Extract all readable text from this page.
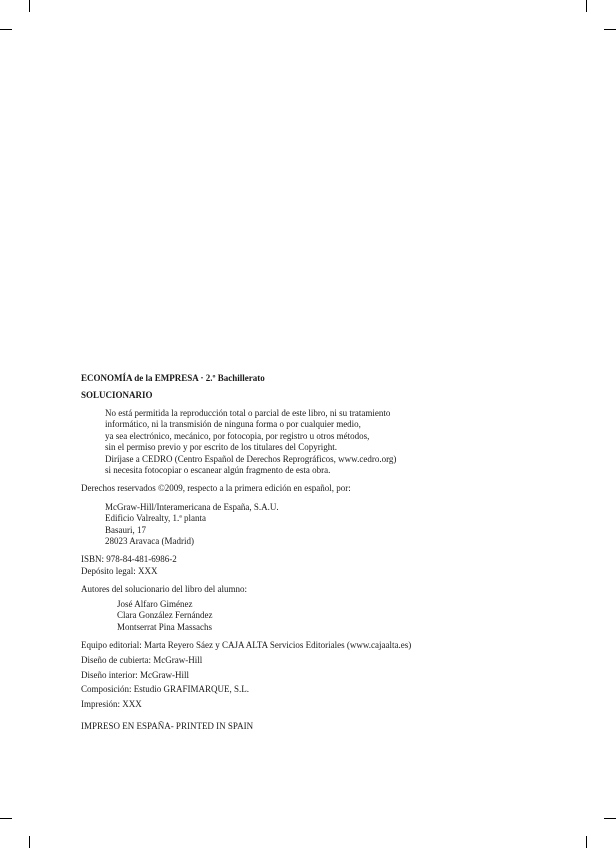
ECONOMÍA de la EMPRESA · 2.º Bachillerato
SOLUCIONARIO
No está permitida la reproducción total o parcial de este libro, ni su tratamiento
informático, ni la transmisión de ninguna forma o por cualquier medio,
ya sea electrónico, mecánico, por fotocopia, por registro u otros métodos,
sin el permiso previo y por escrito de los titulares del Copyright.
Diríjase a CEDRO (Centro Español de Derechos Reprográficos, www.cedro.org)
si necesita fotocopiar o escanear algún fragmento de esta obra.
Derechos reservados ©2009, respecto a la primera edición en español, por:
McGraw-Hill/Interamericana de España, S.A.U.
Edificio Valrealty, 1.ª planta
Basauri, 17
28023 Aravaca (Madrid)
ISBN: 978-84-481-6986-2
Depósito legal: XXX
Autores del solucionario del libro del alumno:
José Alfaro Giménez
Clara González Fernández
Montserrat Pina Massachs
Equipo editorial: Marta Reyero Sáez y CAJA ALTA Servicios Editoriales (www.cajaalta.es)
Diseño de cubierta: McGraw-Hill
Diseño interior: McGraw-Hill
Composición: Estudio GRAFIMARQUE, S.L.
Impresión: XXX
IMPRESO EN ESPAÑA- PRINTED IN SPAIN
